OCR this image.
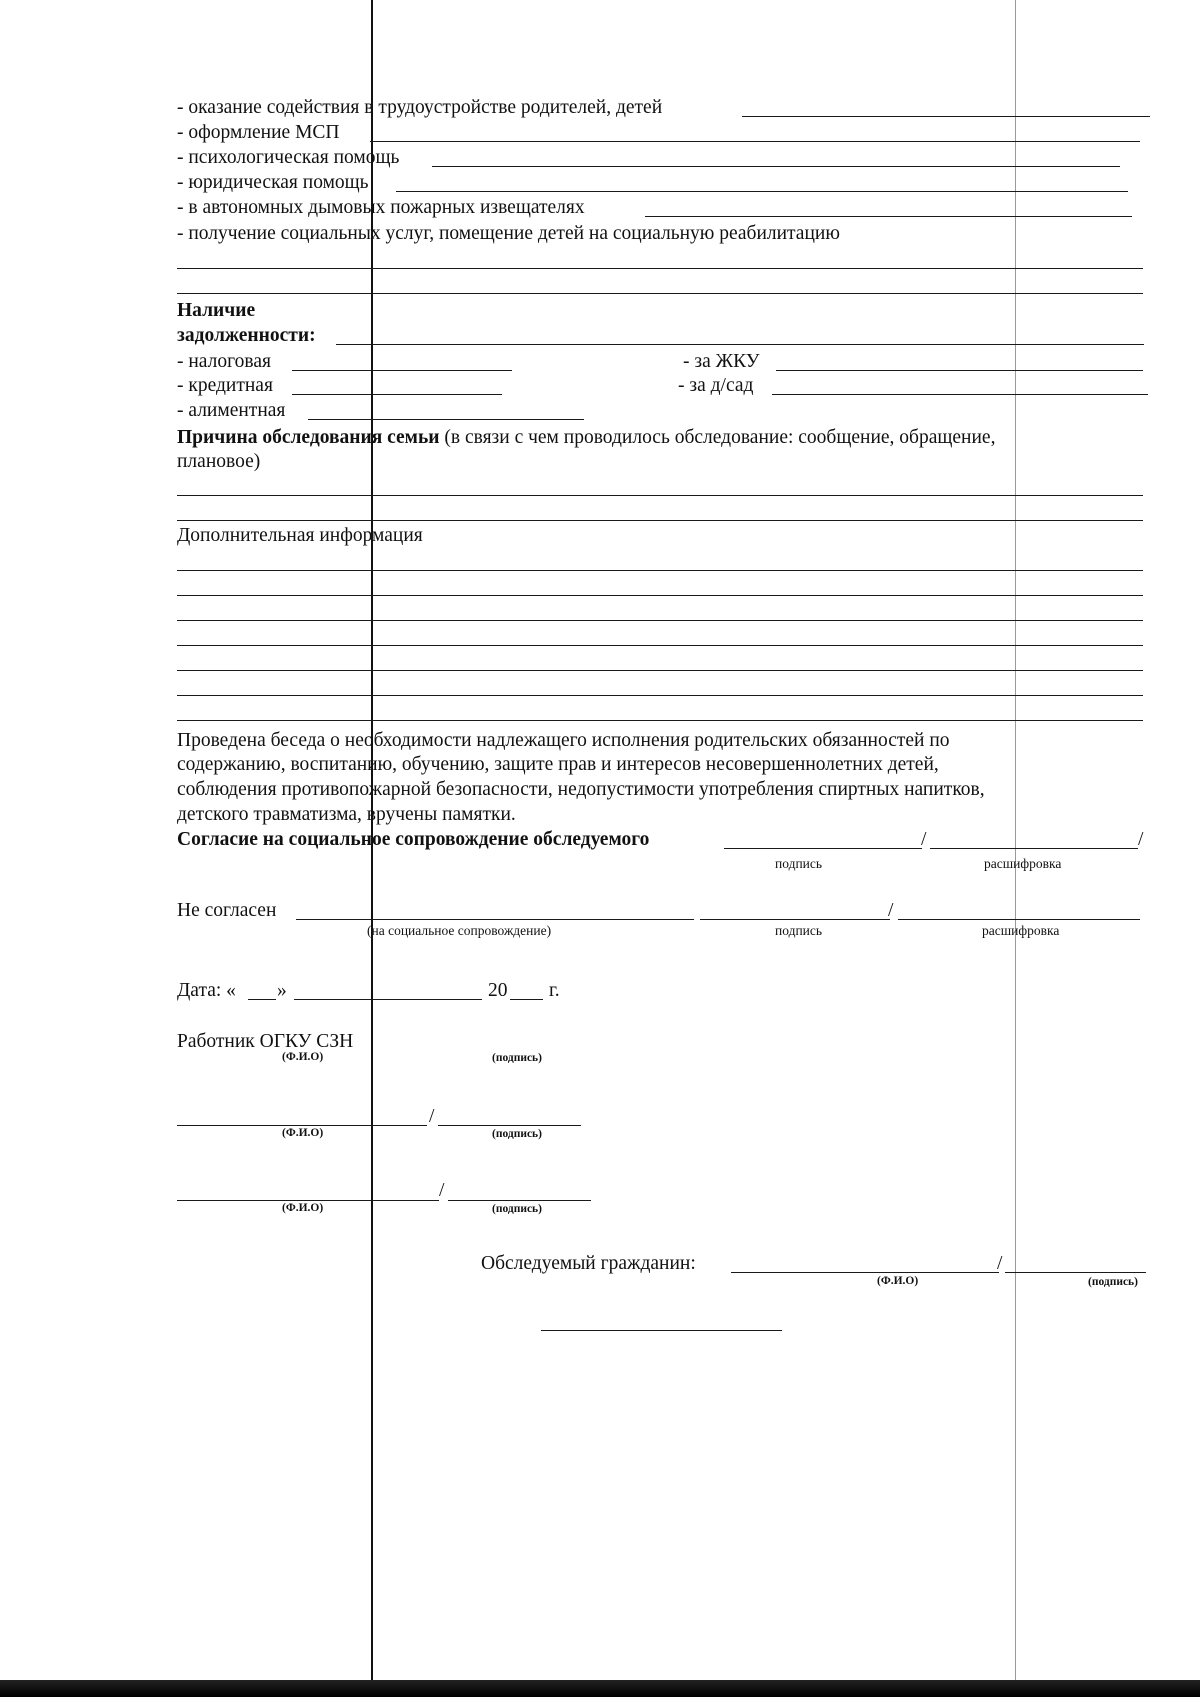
- оказание содействия в трудоустройстве родителей, детей
- оформление МСП
- психологическая помощь
- юридическая помощь
- в автономных дымовых пожарных извещателях
- получение социальных услуг, помещение детей на социальную реабилитацию
Наличие
задолженности:
- налоговая	- за ЖКУ
- кредитная	- за д/сад
- алиментная
Причина обследования семьи (в связи с чем проводилось обследование: сообщение, обращение,
плановое)
Дополнительная информация
Проведена беседа о необходимости надлежащего исполнения родительских обязанностей по
содержанию, воспитанию, обучению, защите прав и интересов несовершеннолетних детей,
соблюдения противопожарной безопасности, недопустимости употребления спиртных напитков,
детского травматизма, вручены памятки.
Согласие на социальное сопровождение обследуемого	/	/
подпись	расшифровка
Не согласен	/
(на социальное сопровождение)	подпись	расшифровка
Дата: « »	20 г.
Работник ОГКУ СЗН
(Ф.И.О)	(подпись)
/
(Ф.И.О)	(подпись)
/
(Ф.И.О)	(подпись)
Обследуемый гражданин:	/
(Ф.И.О)	(подпись)
